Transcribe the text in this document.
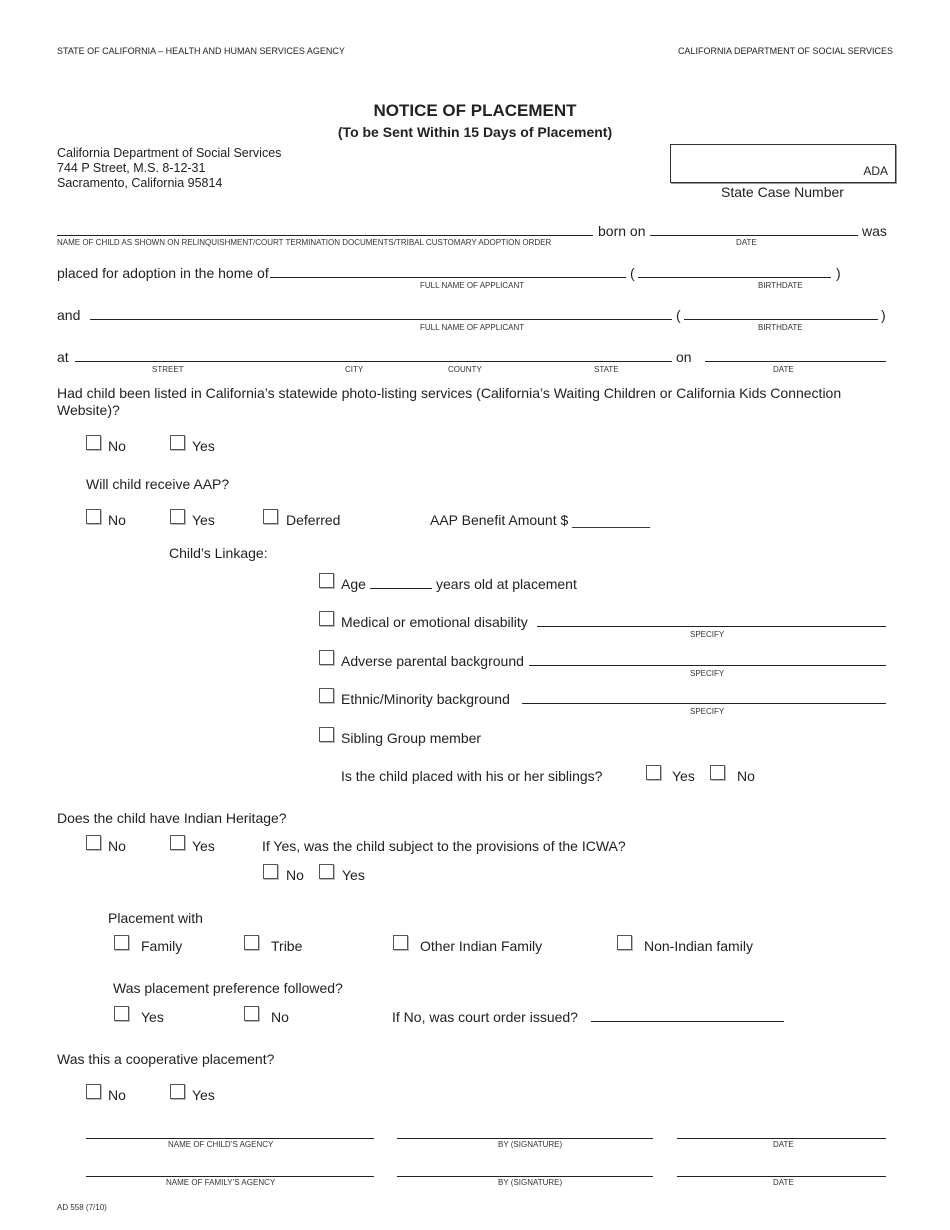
STATE OF CALIFORNIA – HEALTH AND HUMAN SERVICES AGENCY	CALIFORNIA DEPARTMENT OF SOCIAL SERVICES
NOTICE OF PLACEMENT
(To be Sent Within 15 Days of Placement)
California Department of Social Services
744 P Street, M.S. 8-12-31
Sacramento, California 95814
ADA
State Case Number
NAME OF CHILD AS SHOWN ON RELINQUISHMENT/COURT TERMINATION DOCUMENTS/TRIBAL CUSTOMARY ADOPTION ORDER
born on
DATE
was
placed for adoption in the home of
FULL NAME OF APPLICANT
(	)
BIRTHDATE
and
FULL NAME OF APPLICANT
(	)
BIRTHDATE
at
STREET	CITY	COUNTY	STATE
on
DATE
Had child been listed in California’s statewide photo-listing services (California’s Waiting Children or California Kids Connection
Website)?
No	Yes
Will child receive AAP?
No	Yes	Deferred	AAP Benefit Amount $ __________
Child’s Linkage:
Age	years old at placement
Medical or emotional disability
SPECIFY
Adverse parental background
SPECIFY
Ethnic/Minority background
SPECIFY
Sibling Group member
Is the child placed with his or her siblings?	Yes	No
Does the child have Indian Heritage?
No	Yes	If Yes, was the child subject to the provisions of the ICWA?
No	Yes
Placement with
Family	Tribe	Other Indian Family	Non-Indian family
Was placement preference followed?
Yes	No	If No, was court order issued?
Was this a cooperative placement?
No	Yes
NAME OF CHILD’S AGENCY	BY (SIGNATURE)	DATE
NAME OF FAMILY’S AGENCY	BY (SIGNATURE)	DATE
AD 558 (7/10)
